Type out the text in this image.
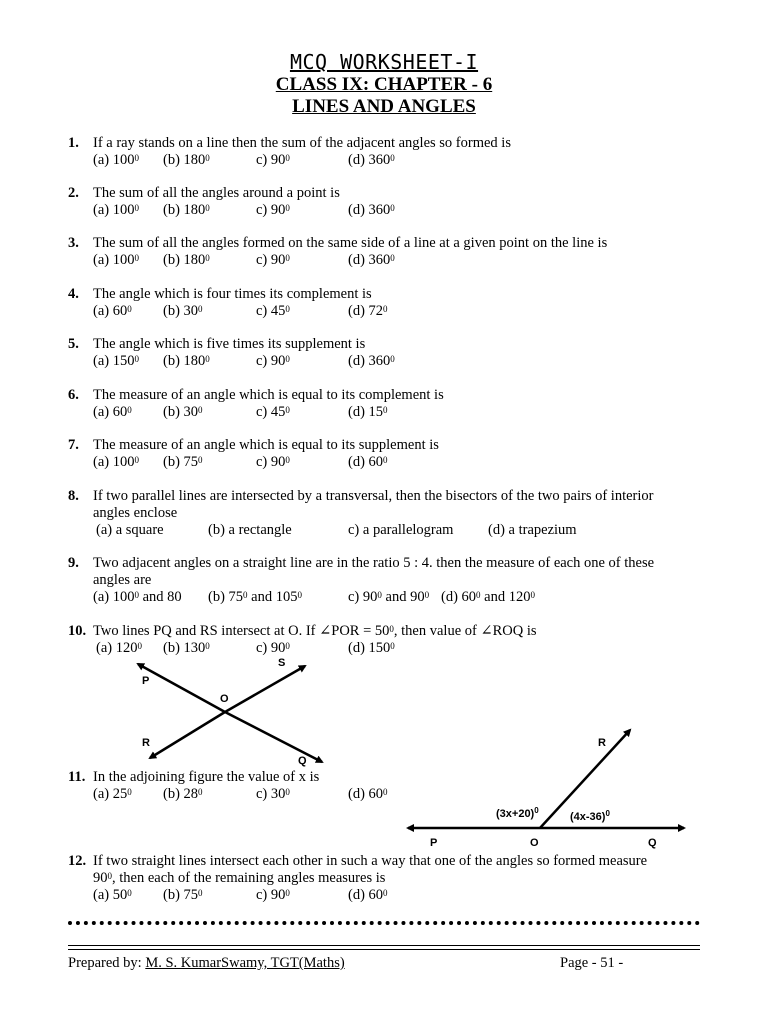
MCQ WORKSHEET-I
CLASS IX: CHAPTER - 6
LINES AND ANGLES
1. If a ray stands on a line then the sum of the adjacent angles so formed is
(a) $100^0$ (b) $180^0$	c) $90^0$	(d) $360^0$
2. The sum of all the angles around a point is
(a) $100^0$ (b) $180^0$	c) $90^0$	(d) $360^0$
3. The sum of all the angles formed on the same side of a line at a given point on the line is
(a) $100^0$ (b) $180^0$	c) $90^0$	(d) $360^0$
4. The angle which is four times its complement is
(a) $60^0$ (b) $30^0$	c) $45^0$	(d) $72^0$
5. The angle which is five times its supplement is
(a) $150^0$ (b) $180^0$	c) $90^0$	(d) $360^0$
6. The measure of an angle which is equal to its complement is
(a) $60^0$ (b) $30^0$	c) $45^0$	(d) $15^0$
7. The measure of an angle which is equal to its supplement is
(a) $100^0$ (b) $75^0$	c) $90^0$	(d) $60^0$
8. If two parallel lines are intersected by a transversal, then the bisectors of the two pairs of interior
angles enclose
(a) a square	(b) a rectangle	c) a parallelogram (d) a trapezium
9. Two adjacent angles on a straight line are in the ratio 5 : 4. then the measure of each one of these
angles are
(a) $100^0$ and 80 (b) $75^0$ and $105^0$	c) $90^0$ and $90^0$ (d) $60^0$ and $120^0$
10. Two lines PQ and RS intersect at O. If ∠POR = $50^0$, then value of ∠ROQ is
(a) $120^0$ (b) $130^0$	c) $90^0$	(d) $150^0$
P
O
S
R
Q
11. In the adjoining figure the value of x is
(a) $25^0$ (b) $28^0$	c) $30^0$	(d) $60^0$
R
P	O	Q
$(3x+20)^0$
$(4x-36)^0$
12. If two straight lines intersect each other in such a way that one of the angles so formed measure
$90^0$, then each of the remaining angles measures is
(a) $50^0$ (b) $75^0$	c) $90^0$	(d) $60^0$
Prepared by: M. S. KumarSwamy, TGT(Maths)	Page - 51 -
